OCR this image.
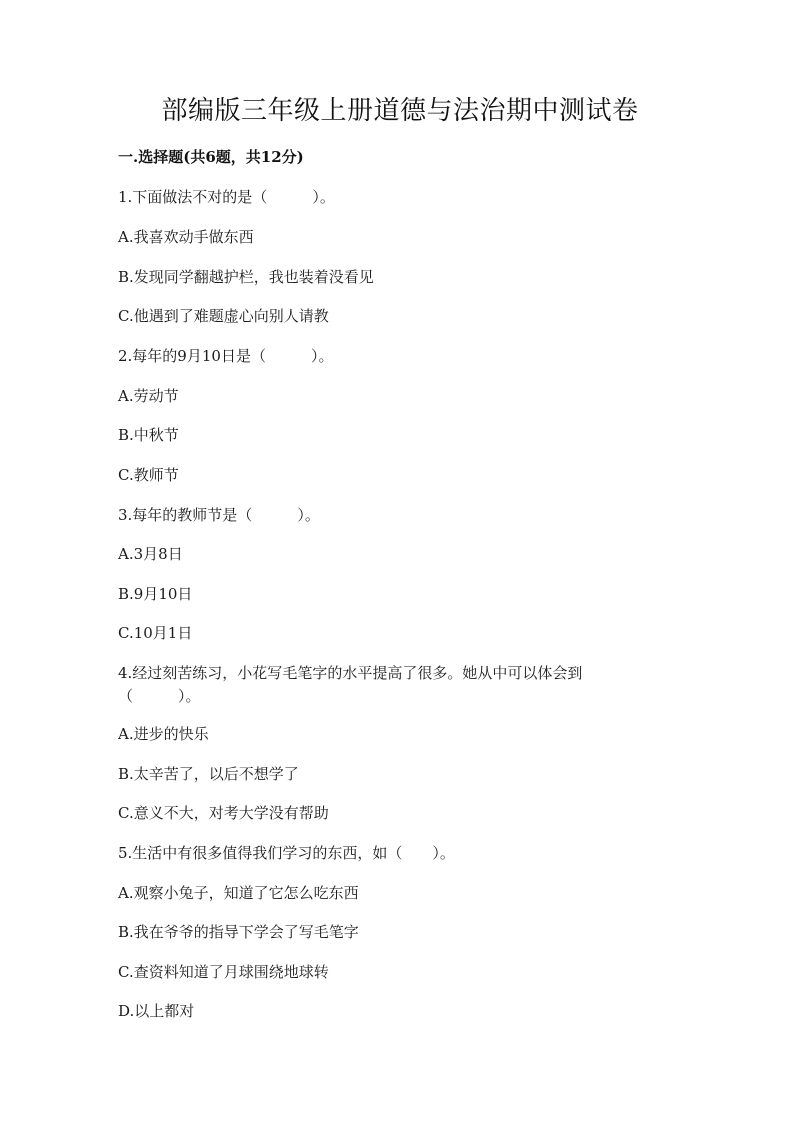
部编版三年级上册道德与法治期中测试卷
一.选择题(共6题，共12分)
1.下面做法不对的是（　　　）。
A.我喜欢动手做东西
B.发现同学翻越护栏，我也装着没看见
C.他遇到了难题虚心向别人请教
2.每年的9月10日是（　　　）。
A.劳动节
B.中秋节
C.教师节
3.每年的教师节是（　　　）。
A.3月8日
B.9月10日
C.10月1日
4.经过刻苦练习，小花写毛笔字的水平提高了很多。她从中可以体会到
（　　　）。
A.进步的快乐
B.太辛苦了，以后不想学了
C.意义不大，对考大学没有帮助
5.生活中有很多值得我们学习的东西，如（　　）。
A.观察小兔子，知道了它怎么吃东西
B.我在爷爷的指导下学会了写毛笔字
C.查资料知道了月球围绕地球转
D.以上都对
